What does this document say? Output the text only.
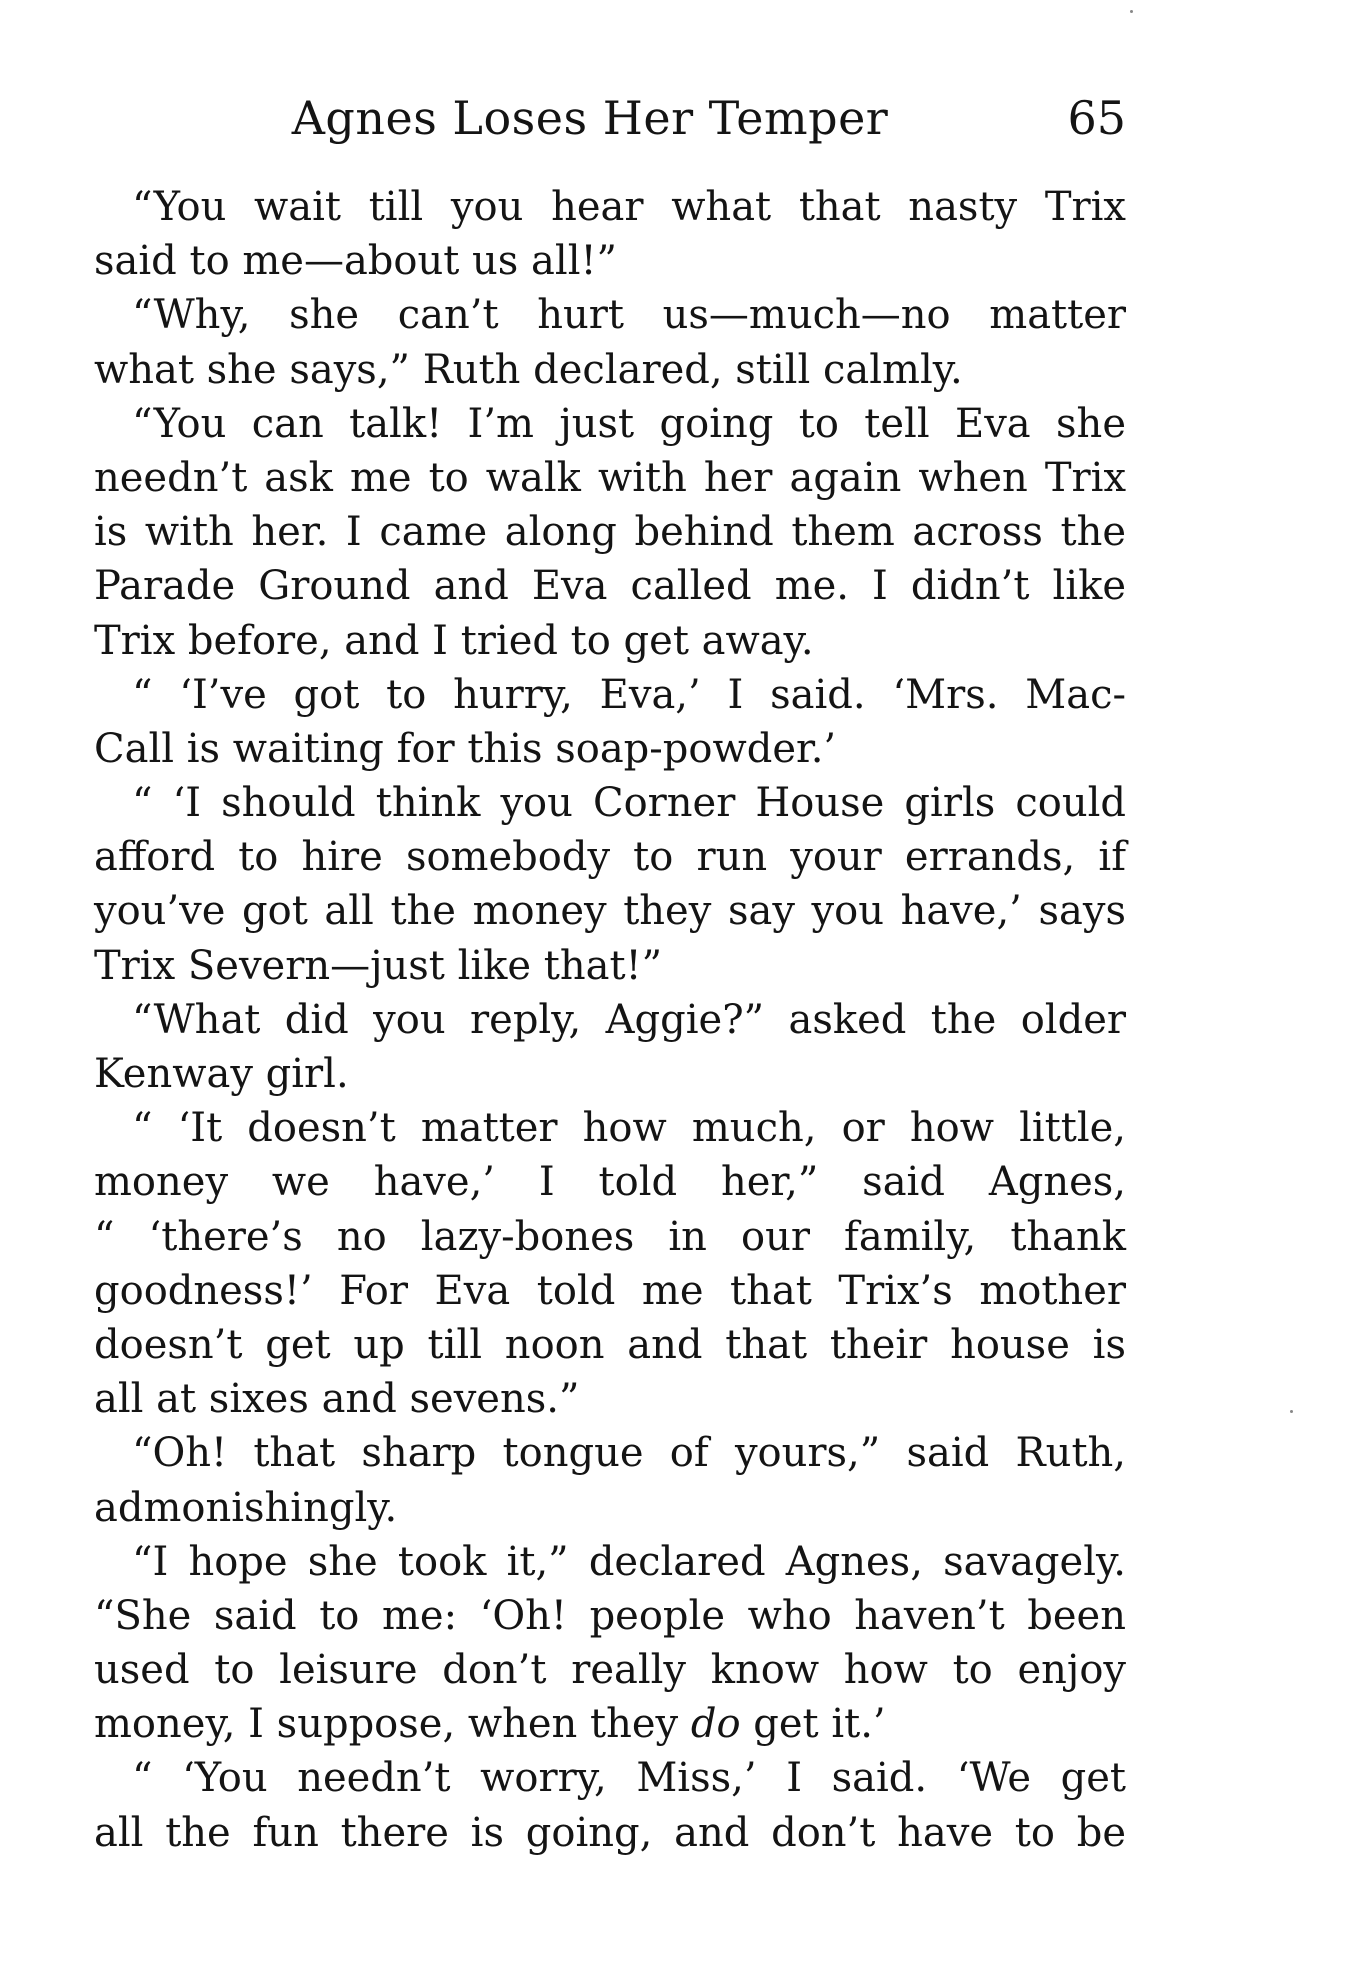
Agnes Loses Her Temper	65
“You wait till you hear what that nasty Trix
said to me—about us all!”
“Why, she can’t hurt us—much—no matter
what she says,” Ruth declared, still calmly.
“You can talk! I’m just going to tell Eva she
needn’t ask me to walk with her again when Trix
is with her. I came along behind them across the
Parade Ground and Eva called me. I didn’t like
Trix before, and I tried to get away.
“ ‘I’ve got to hurry, Eva,’ I said. ‘Mrs. Mac-
Call is waiting for this soap-powder.’
“ ‘I should think you Corner House girls could
afford to hire somebody to run your errands, if
you’ve got all the money they say you have,’ says
Trix Severn—just like that!”
“What did you reply, Aggie?” asked the older
Kenway girl.
“ ‘It doesn’t matter how much, or how little,
money we have,’ I told her,” said Agnes,
“ ‘there’s no lazy-bones in our family, thank
goodness!’ For Eva told me that Trix’s mother
doesn’t get up till noon and that their house is
all at sixes and sevens.”
“Oh! that sharp tongue of yours,” said Ruth,
admonishingly.
“I hope she took it,” declared Agnes, savagely.
“She said to me: ‘Oh! people who haven’t been
used to leisure don’t really know how to enjoy
money, I suppose, when they do get it.’
“ ‘You needn’t worry, Miss,’ I said. ‘We get
all the fun there is going, and don’t have to be
